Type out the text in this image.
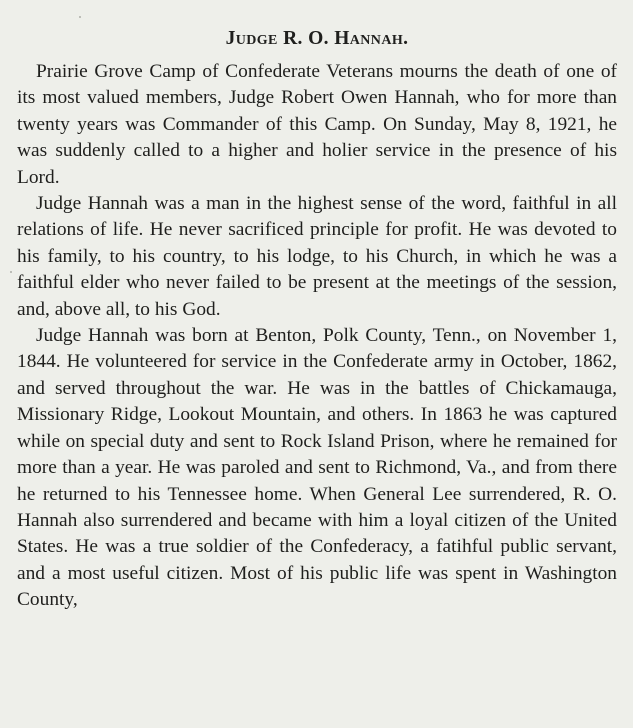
Judge R. O. Hannah.

Prairie Grove Camp of Confederate Veterans mourns the death of one of its most valued members, Judge Robert Owen Hannah, who for more than twenty years was Commander of this Camp. On Sunday, May 8, 1921, he was suddenly called to a higher and holier service in the presence of his Lord.

Judge Hannah was a man in the highest sense of the word, faithful in all relations of life. He never sacrificed principle for profit. He was devoted to his family, to his country, to his lodge, to his Church, in which he was a faithful elder who never failed to be present at the meetings of the session, and, above all, to his God.

Judge Hannah was born at Benton, Polk County, Tenn., on November 1, 1844. He volunteered for service in the Confederate army in October, 1862, and served throughout the war. He was in the battles of Chickamauga, Missionary Ridge, Lookout Mountain, and others. In 1863 he was captured while on special duty and sent to Rock Island Prison, where he remained for more than a year. He was paroled and sent to Richmond, Va., and from there he returned to his Tennessee home. When General Lee surrendered, R. O. Hannah also surrendered and became with him a loyal citizen of the United States. He was a true soldier of the Confederacy, a fatihful public servant, and a most useful citizen. Most of his public life was spent in Washington County,
